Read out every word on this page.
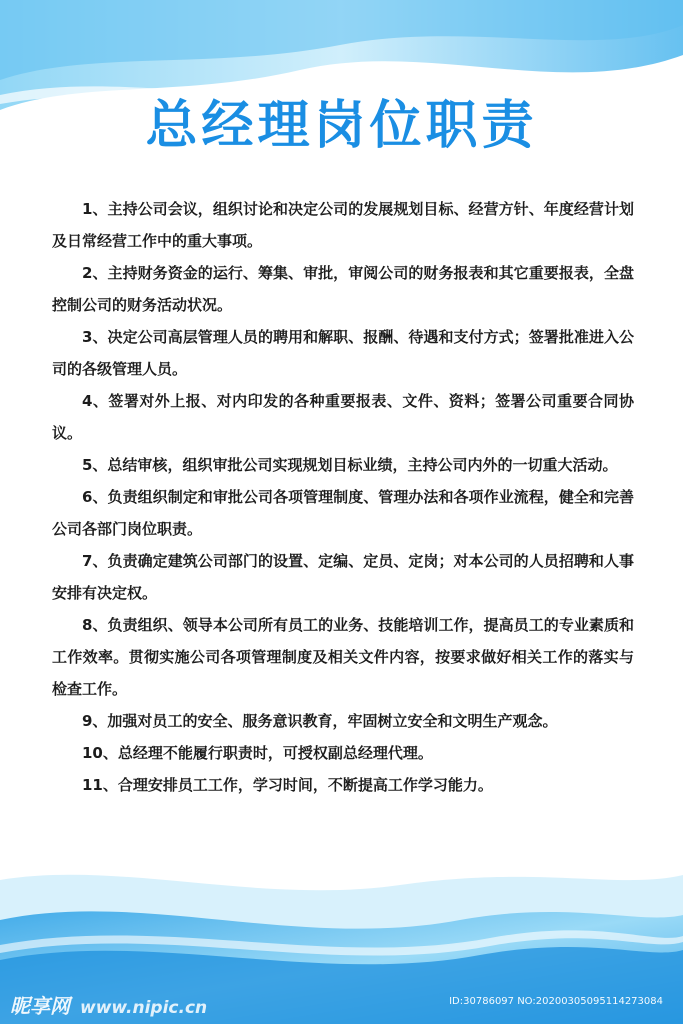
总经理岗位职责

1、主持公司会议，组织讨论和决定公司的发展规划目标、经营方针、年度经营计划及日常经营工作中的重大事项。

2、主持财务资金的运行、筹集、审批，审阅公司的财务报表和其它重要报表，全盘控制公司的财务活动状况。

3、决定公司高层管理人员的聘用和解职、报酬、待遇和支付方式；签署批准进入公司的各级管理人员。

4、签署对外上报、对内印发的各种重要报表、文件、资料；签署公司重要合同协议。

5、总结审核，组织审批公司实现规划目标业绩，主持公司内外的一切重大活动。

6、负责组织制定和审批公司各项管理制度、管理办法和各项作业流程，健全和完善公司各部门岗位职责。

7、负责确定建筑公司部门的设置、定编、定员、定岗；对本公司的人员招聘和人事安排有决定权。

8、负责组织、领导本公司所有员工的业务、技能培训工作，提高员工的专业素质和工作效率。贯彻实施公司各项管理制度及相关文件内容，按要求做好相关工作的落实与检查工作。

9、加强对员工的安全、服务意识教育，牢固树立安全和文明生产观念。

10、总经理不能履行职责时，可授权副总经理代理。

11、合理安排员工工作，学习时间，不断提高工作学习能力。

昵享网 www.nipic.cn	ID:30786097 NO:20200305095114273084
